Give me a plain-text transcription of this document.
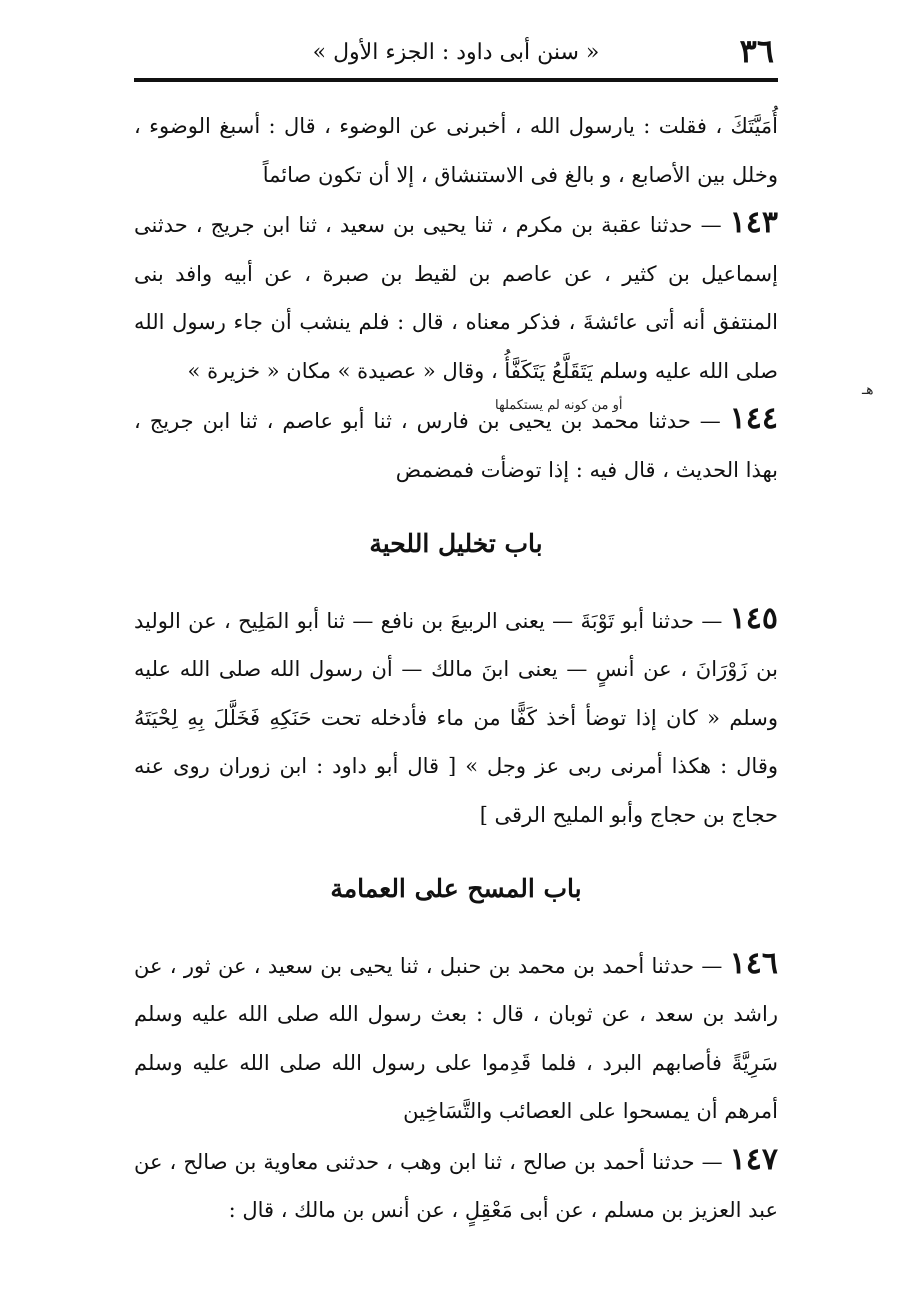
٣٦
« سنن أبى داود : الجزء الأول »

أُمَيَّتَكَ ، فقلت : يارسول الله ، أخبرنى عن الوضوء ، قال : أسبغ الوضوء ، وخلل بين الأصابع ، و بالغ فى الاستنشاق ، إلا أن تكون صائماً

١٤٣ — حدثنا عقبة بن مكرم ، ثنا يحيى بن سعيد ، ثنا ابن جريج ، حدثنى إسماعيل بن كثير ، عن عاصم بن لقيط بن صبرة ، عن أبيه وافد بنى المنتفق أنه أتى عائشةَ ، فذكر معناه ، قال : فلم ينشب أن جاء رسول الله صلى الله عليه وسلم يَتَقَلَّعُ يَتَكَفَّأُ ، وقال « عصيدة » مكان « خزيرة »

١٤٤ — حدثنا محمد بن يحيى بن فارس ، ثنا أبو عاصم ، ثنا ابن جريج ، بهذا الحديث ، قال فيه : إذا توضأت فمضمض

باب تخليل اللحية

١٤٥ — حدثنا أبو تَوْبَةَ — يعنى الربيعَ بن نافع — ثنا أبو المَلِيح ، عن الوليد بن زَوْرَانَ ، عن أنسٍ — يعنى ابنَ مالك — أن رسول الله صلى الله عليه وسلم « كان إذا توضأ أخذ كَفًّا من ماء فأدخله تحت حَنَكِهِ فَخَلَّلَ بِهِ لِحْيَتَهُ وقال : هكذا أمرنى ربى عز وجل » [ قال أبو داود : ابن زوران روى عنه حجاج بن حجاج وأبو المليح الرقى ]

باب المسح على العمامة

١٤٦ — حدثنا أحمد بن محمد بن حنبل ، ثنا يحيى بن سعيد ، عن ثور ، عن راشد بن سعد ، عن ثوبان ، قال : بعث رسول الله صلى الله عليه وسلم سَرِيَّةً فأصابهم البرد ، فلما قَدِموا على رسول الله صلى الله عليه وسلم أمرهم أن يمسحوا على العصائب والتَّسَاخِين

١٤٧ — حدثنا أحمد بن صالح ، ثنا ابن وهب ، حدثنى معاوية بن صالح ، عن عبد العزيز بن مسلم ، عن أبى مَعْقِلٍ ، عن أنس بن مالك ، قال :

أو من كونه لم يستكملها
ﻫـ
